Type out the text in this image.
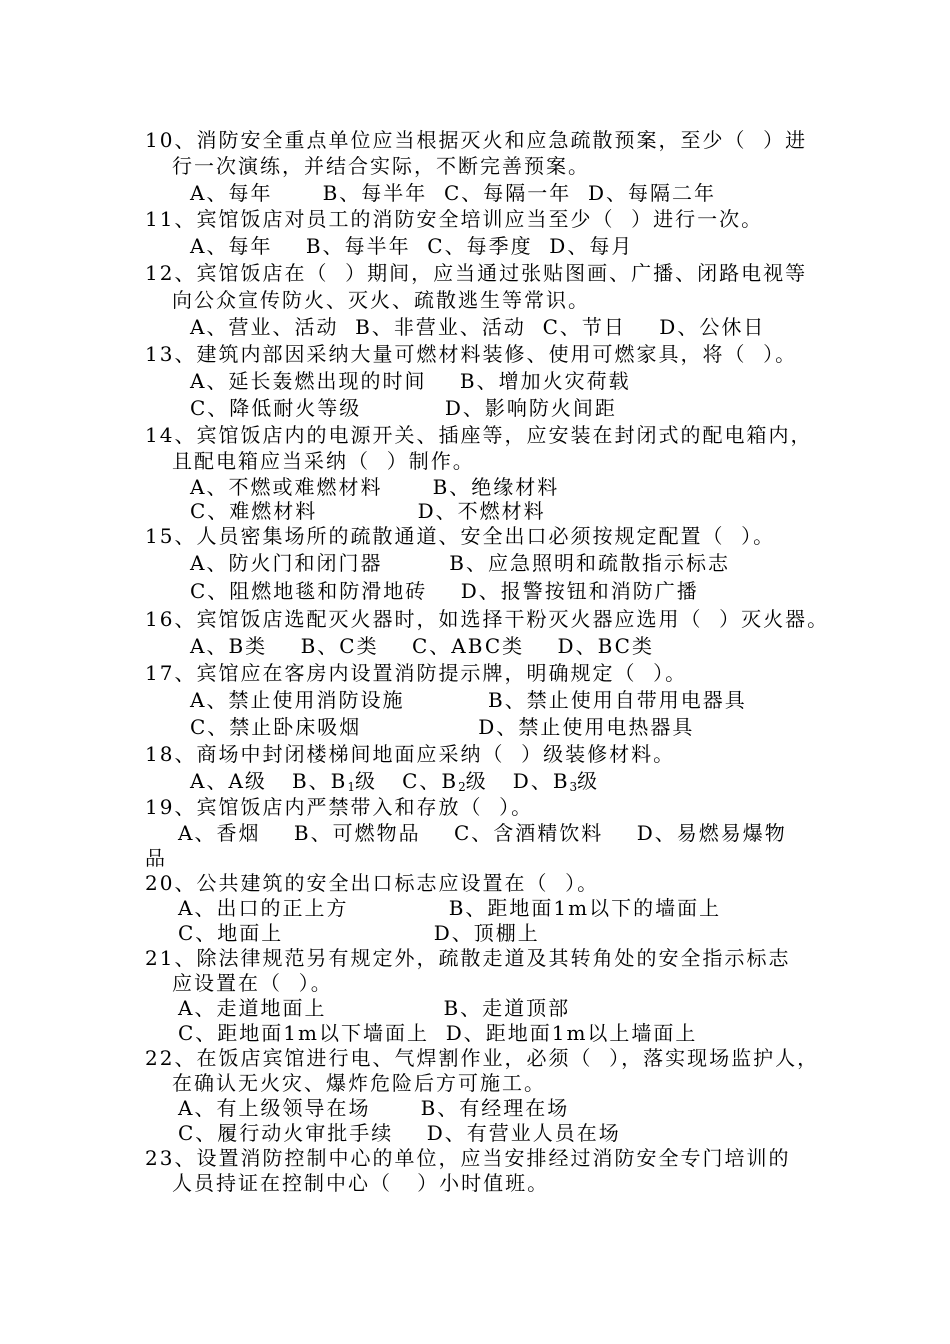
10、消防安全重点单位应当根据灭火和应急疏散预案，至少（  ）进
行一次演练，并结合实际，不断完善预案。
A、每年      B、每半年  C、每隔一年  D、每隔二年
11、宾馆饭店对员工的消防安全培训应当至少（  ）进行一次。
A、每年    B、每半年  C、每季度  D、每月
12、宾馆饭店在（  ）期间，应当通过张贴图画、广播、闭路电视等
向公众宣传防火、灭火、疏散逃生等常识。
A、营业、活动  B、非营业、活动  C、节日    D、公休日
13、建筑内部因采纳大量可燃材料装修、使用可燃家具，将（  ）。
A、延长轰燃出现的时间    B、增加火灾荷载
C、降低耐火等级          D、影响防火间距
14、宾馆饭店内的电源开关、插座等，应安装在封闭式的配电箱内，
且配电箱应当采纳（  ）制作。
A、不燃或难燃材料      B、绝缘材料
C、难燃材料            D、不燃材料
15、人员密集场所的疏散通道、安全出口必须按规定配置（  ）。
A、防火门和闭门器        B、应急照明和疏散指示标志
C、阻燃地毯和防滑地砖    D、报警按钮和消防广播
16、宾馆饭店选配灭火器时，如选择干粉灭火器应选用（  ）灭火器。
A、B类    B、C类    C、ABC类    D、BC类
17、宾馆应在客房内设置消防提示牌，明确规定（  ）。
A、禁止使用消防设施          B、禁止使用自带用电器具
C、禁止卧床吸烟              D、禁止使用电热器具
18、商场中封闭楼梯间地面应采纳（  ）级装修材料。
A、A级   B、$B_1$级   C、$B_2$级   D、$B_3$级
19、宾馆饭店内严禁带入和存放（  ）。
A、香烟    B、可燃物品    C、含酒精饮料    D、易燃易爆物
品
20、公共建筑的安全出口标志应设置在（  ）。
A、出口的正上方            B、距地面1m以下的墙面上
C、地面上                  D、顶棚上
21、除法律规范另有规定外，疏散走道及其转角处的安全指示标志
应设置在（  ）。
A、走道地面上              B、走道顶部
C、距地面1m以下墙面上  D、距地面1m以上墙面上
22、在饭店宾馆进行电、气焊割作业，必须（  ），落实现场监护人，
在确认无火灾、爆炸危险后方可施工。
A、有上级领导在场      B、有经理在场
C、履行动火审批手续    D、有营业人员在场
23、设置消防控制中心的单位，应当安排经过消防安全专门培训的
人员持证在控制中心（   ）小时值班。
